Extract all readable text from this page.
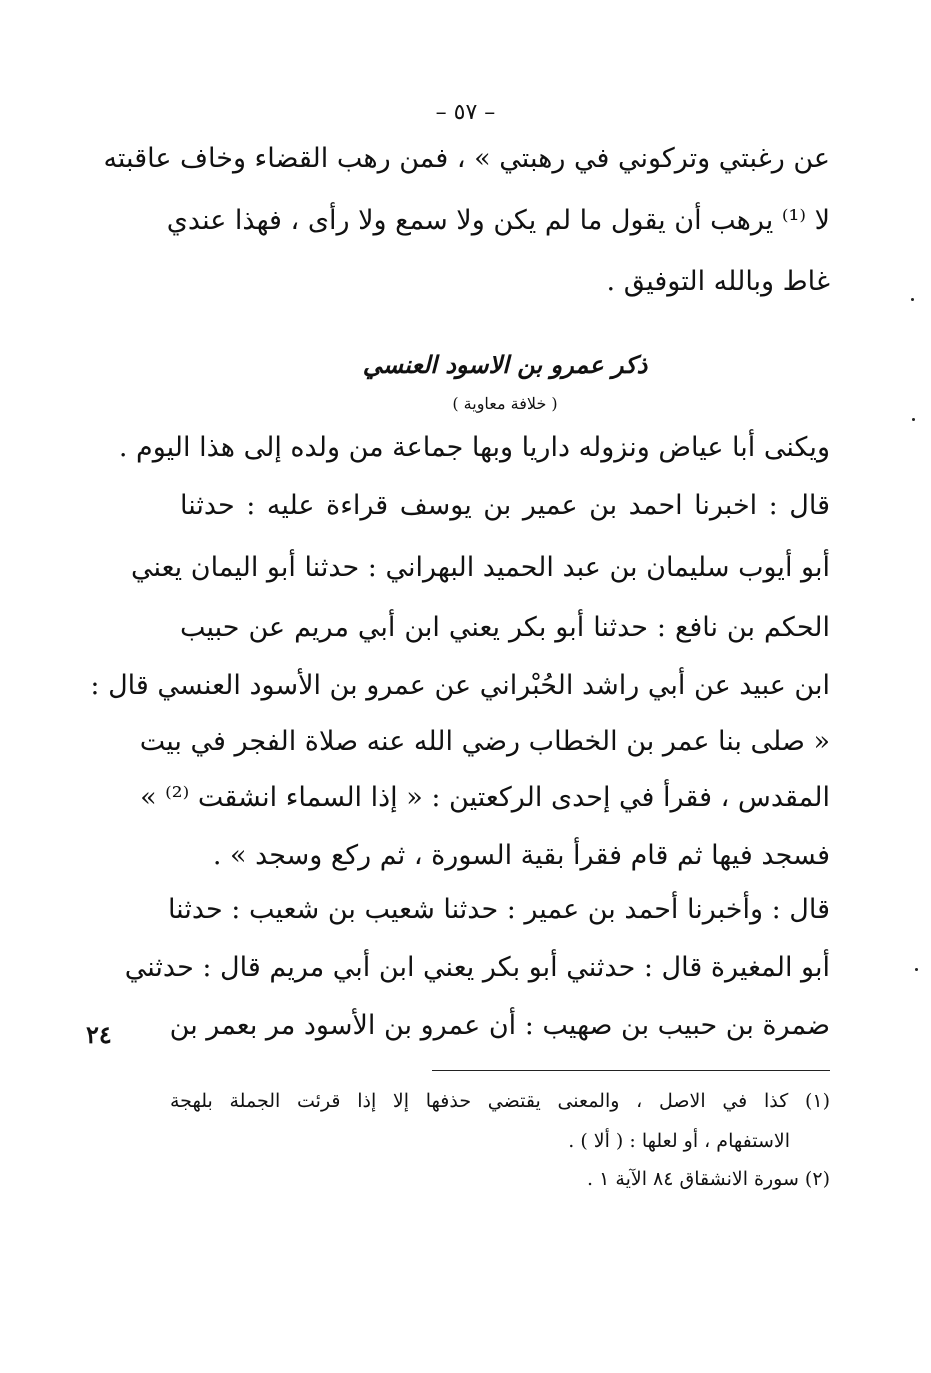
– ٥٧ –
عن رغبتي وتركوني في رهبتي » ، فمن رهب القضاء وخاف عاقبته
لا ⁽¹⁾ يرهب أن يقول ما لم يكن ولا سمع ولا رأى ، فهذا عندي
غاط وبالله التوفيق .
ذكر عمرو بن الاسود العنسي
( خلافة معاوية )
ويكنى أبا عياض ونزوله داريا وبها جماعة من ولده إلى هذا اليوم .
قال : اخبرنا احمد بن عمير بن يوسف قراءة عليه : حدثنا
أبو أيوب سليمان بن عبد الحميد البهراني : حدثنا أبو اليمان يعني
الحكم بن نافع : حدثنا أبو بكر يعني ابن أبي مريم عن حبيب
ابن عبيد عن أبي راشد الحُبْراني عن عمرو بن الأسود العنسي قال :
« صلى بنا عمر بن الخطاب رضي الله عنه صلاة الفجر في بيت
المقدس ، فقرأ في إحدى الركعتين : « إذا السماء انشقت ⁽²⁾ »
فسجد فيها ثم قام فقرأ بقية السورة ، ثم ركع وسجد » .
قال : وأخبرنا أحمد بن عمير : حدثنا شعيب بن شعيب : حدثنا
أبو المغيرة قال : حدثني أبو بكر يعني ابن أبي مريم قال : حدثني
ضمرة بن حبيب بن صهيب : أن عمرو بن الأسود مر بعمر بن
٢٤
(١) كذا في الاصل ، والمعنى يقتضي حذفها إلا إذا قرئت الجملة بلهجة
الاستفهام ، أو لعلها : ( ألا ) .
(٢) سورة الانشقاق ٨٤ الآية ١ .
